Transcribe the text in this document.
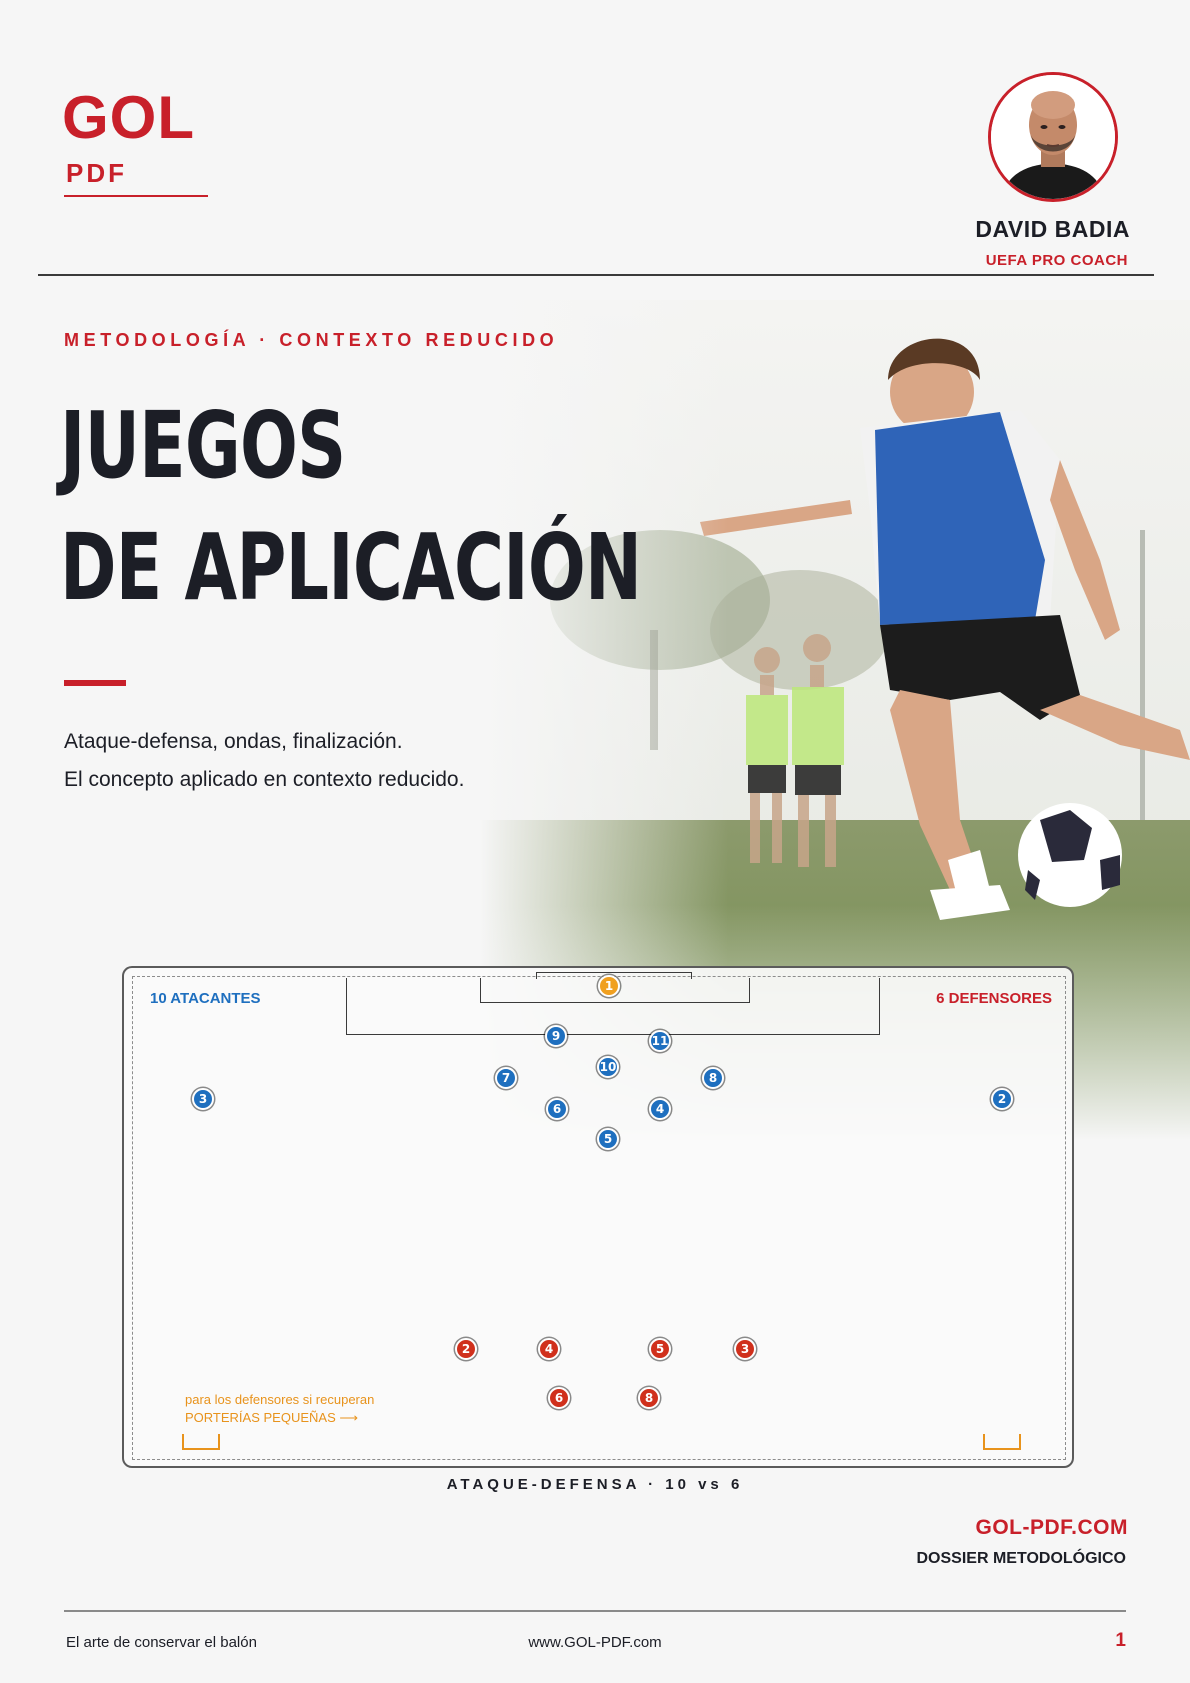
GOL
PDF
DAVID BADIA
UEFA PRO COACH
METODOLOGÍA · CONTEXTO REDUCIDO
JUEGOS
DE APLICACIÓN
Ataque-defensa, ondas, finalización.
El concepto aplicado en contexto reducido.
10 ATACANTES	6 DEFENSORES
1
9	11
10
7	8
3	2
6	4
5
2	4	5	3
6	8
para los defensores si recuperan
PORTERÍAS PEQUEÑAS ⟶
ATAQUE-DEFENSA · 10 vs 6
GOL-PDF.COM
DOSSIER METODOLÓGICO
El arte de conservar el balón	www.GOL-PDF.com	1
